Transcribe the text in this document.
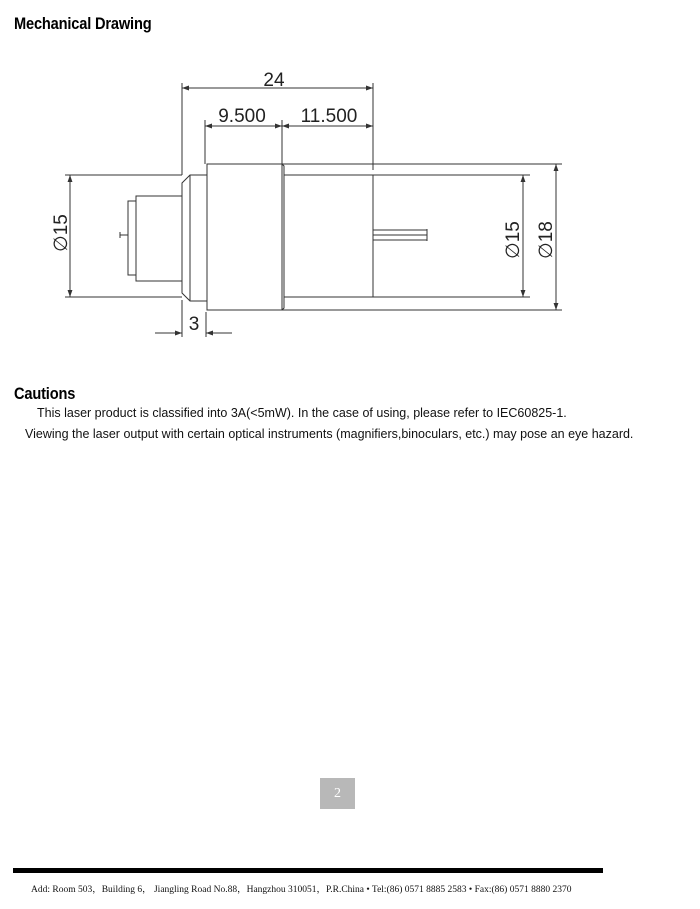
Mechanical Drawing
24
9.500 11.500
3
∅15	∅15 ∅18
Cautions
This laser product is classified into 3A(<5mW). In the case of using, please refer to IEC60825-1.
Viewing the laser output with certain optical instruments (magnifiers,binoculars, etc.) may pose an eye hazard.
2
Add: Room 503，Building 6， Jiangling Road No.88，Hangzhou 310051，P.R.China • Tel:(86) 0571 8885 2583 • Fax:(86) 0571 8880 2370
